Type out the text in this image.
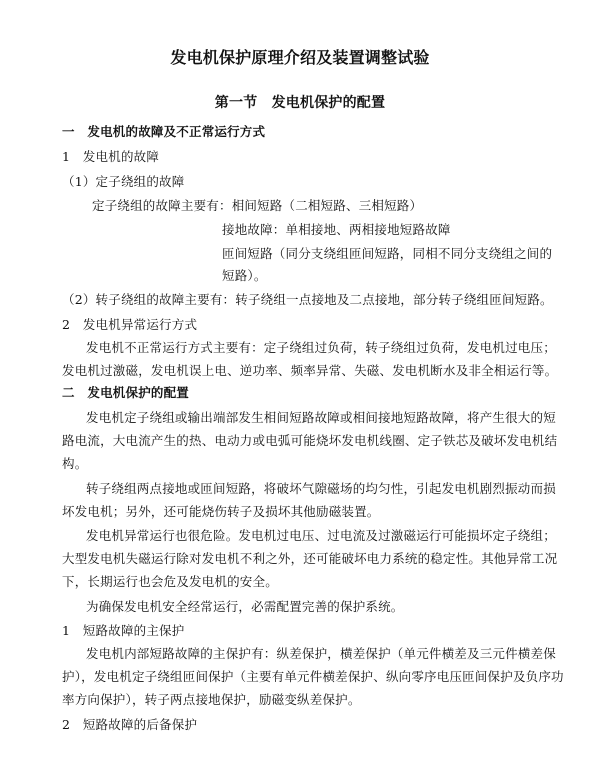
发电机保护原理介绍及装置调整试验
第一节　发电机保护的配置
一　发电机的故障及不正常运行方式
1　发电机的故障
（1）定子绕组的故障
定子绕组的故障主要有：相间短路（二相短路、三相短路）
接地故障：单相接地、两相接地短路故障
匝间短路（同分支绕组匝间短路，同相不同分支绕组之间的
短路）。
（2）转子绕组的故障主要有：转子绕组一点接地及二点接地，部分转子绕组匝间短路。
2　发电机异常运行方式
发电机不正常运行方式主要有：定子绕组过负荷，转子绕组过负荷，发电机过电压；
发电机过激磁，发电机误上电、逆功率、频率异常、失磁、发电机断水及非全相运行等。
二　发电机保护的配置
发电机定子绕组或输出端部发生相间短路故障或相间接地短路故障，将产生很大的短
路电流，大电流产生的热、电动力或电弧可能烧坏发电机线圈、定子铁芯及破坏发电机结
构。
转子绕组两点接地或匝间短路，将破坏气隙磁场的均匀性，引起发电机剧烈振动而损
坏发电机；另外，还可能烧伤转子及损坏其他励磁装置。
发电机异常运行也很危险。发电机过电压、过电流及过激磁运行可能损坏定子绕组；
大型发电机失磁运行除对发电机不利之外，还可能破坏电力系统的稳定性。其他异常工况
下，长期运行也会危及发电机的安全。
为确保发电机安全经常运行，必需配置完善的保护系统。
1　短路故障的主保护
发电机内部短路故障的主保护有：纵差保护，横差保护（单元件横差及三元件横差保
护），发电机定子绕组匝间保护（主要有单元件横差保护、纵向零序电压匝间保护及负序功
率方向保护），转子两点接地保护，励磁变纵差保护。
2　短路故障的后备保护
